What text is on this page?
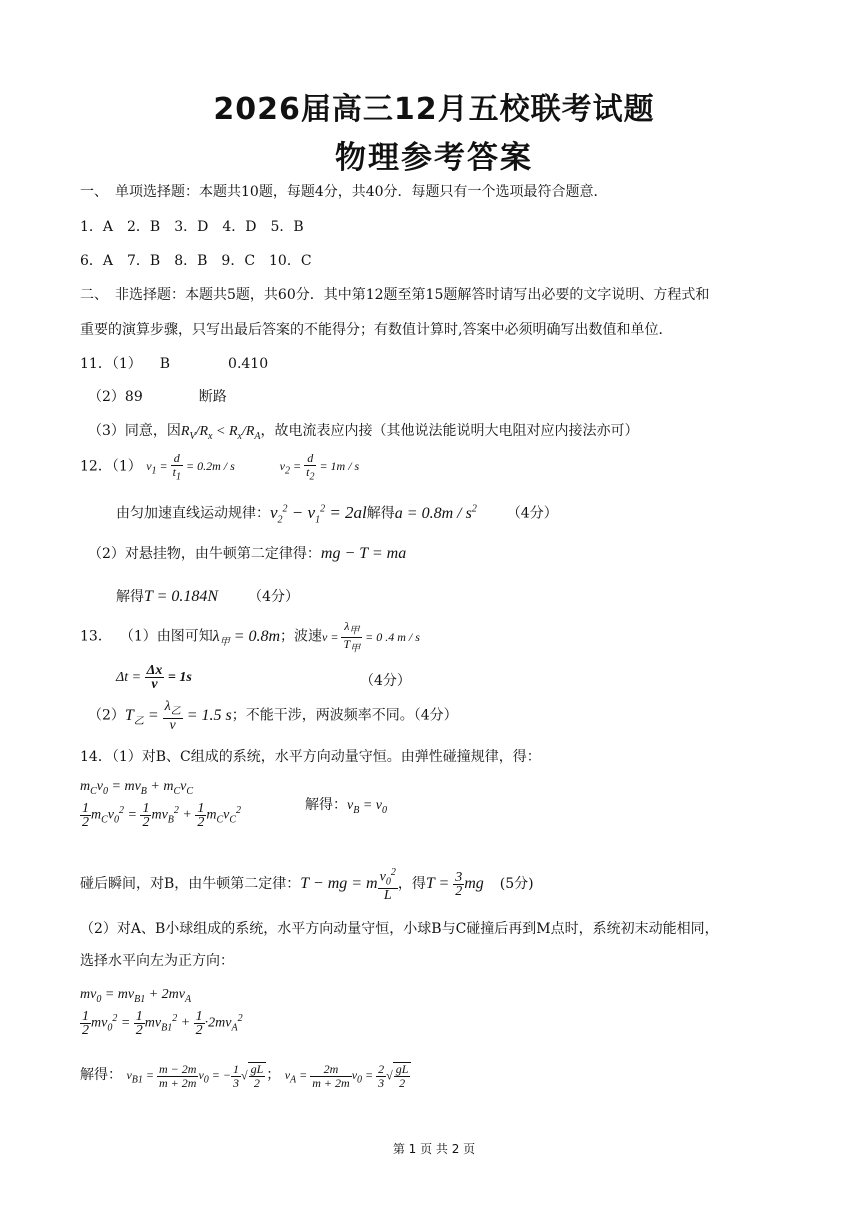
2026届高三12月五校联考试题
物理参考答案
一、　单项选择题：本题共10题，每题4分，共40分．每题只有一个选项最符合题意．
1．A　2．B　3．D　4．D　5．B
6．A　7．B　8．B　9．C　10．C
二、　非选择题：本题共5题，共60分．其中第12题至第15题解答时请写出必要的文字说明、方程式和
重要的演算步骤，只写出最后答案的不能得分；有数值计算时,答案中必须明确写出数值和单位．
11．（1） B	0.410
（2）89	断路
（3）同意，因$R_V/R_x < R_x/R_A$，故电流表应内接（其他说法能说明大电阻对应内接法亦可）
12．（1） $v_1 = \frac{d}{t_1} = 0.2m / s$	$v_2 = \frac{d}{t_2} = 1m / s$
由匀加速直线运动规律：$v_2^2 - v_1^2 = 2al$解得$a = 0.8m / s^2$ （4分）
（2）对悬挂物，由牛顿第二定律得：mg − T = ma
解得T = 0.184N （4分）
13． （1）由图可知$\lambda_甲 = 0.8m$；波速$v = \frac{\lambda_甲}{T_甲} = 0$ .4 m / s
$\Delta t = \frac{\Delta x}{v} = 1s$	（4分）
$(2)T_乙 = \frac{\lambda_乙}{v} = 1.5$ s；不能干涉，两波频率不同。（4分）
14．（1）对B、C组成的系统，水平方向动量守恒。由弹性碰撞规律，得：
$m_Cv_0 = mv_B + m_Cv_C$
$\frac{1}{2} m_Cv_0^2 = \frac{1}{2} mv_B^2 + \frac{1}{2} m_Cv_C^2$	解得：$v_B = v_0$
碰后瞬间，对B，由牛顿第二定律：T − mg = m $\frac{v_0^2}{L}$ ，得$T = \frac{3}{2}$ mg (5分)
（2）对A、B小球组成的系统，水平方向动量守恒，小球B与C碰撞后再到M点时，系统初末动能相同，
选择水平向左为正方向：
$mv_0 = mv_{B1} + 2mv_A$
$\frac{1}{2} mv_0^2 = \frac{1}{2} mv_{B1}^2 + \frac{1}{2} \cdot 2mv_A^2$
解得： $v_{B1} = \frac{m - 2m}{m + 2m} v_0$ = − $\frac{1}{3}$ √ $\frac{gL}{2}$ ； $v_A = \frac{2m}{m + 2m} v_0 = \frac{2}{3}$ √ $\frac{gL}{2}$
第 1 页 共 2 页
